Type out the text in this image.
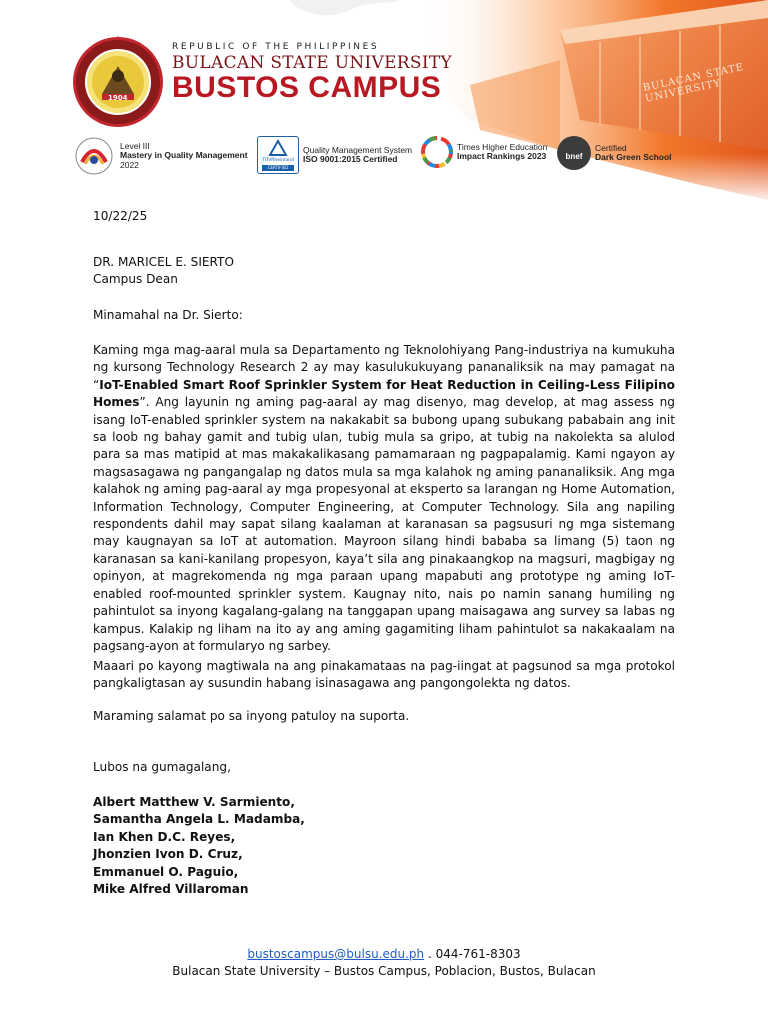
BULACAN STATE UNIVERSITY
1904
REPUBLIC OF THE PHILIPPINES
BULACAN STATE UNIVERSITY
BUSTOS CAMPUS
Level III
Mastery in Quality Management
2022	TÜVRheinland
CERTIFIED
Quality Management System
ISO 9001:2015 Certified
Times Higher Education
Impact Rankings 2023	bnef
Certified
Dark Green School
10/22/25
DR. MARICEL E. SIERTO
Campus Dean
Minamahal na Dr. Sierto:
Kaming mga mag-aaral mula sa Departamento ng Teknolohiyang Pang-industriya na kumukuha ng kursong Technology Research 2 ay may kasulukukuyang pananaliksik na may pamagat na “IoT-Enabled Smart Roof Sprinkler System for Heat Reduction in Ceiling-Less Filipino Homes”. Ang layunin ng aming pag-aaral ay mag disenyo, mag develop, at mag assess ng isang IoT-enabled sprinkler system na nakakabit sa bubong upang subukang pababain ang init sa loob ng bahay gamit and tubig ulan, tubig mula sa gripo, at tubig na nakolekta sa alulod para sa mas matipid at mas makakalikasang pamamaraan ng pagpapalamig. Kami ngayon ay magsasagawa ng pangangalap ng datos mula sa mga kalahok ng aming pananaliksik. Ang mga kalahok ng aming pag-aaral ay mga propesyonal at eksperto sa larangan ng Home Automation, Information Technology, Computer Engineering, at Computer Technology. Sila ang napiling respondents dahil may sapat silang kaalaman at karanasan sa pagsusuri ng mga sistemang may kaugnayan sa IoT at automation. Mayroon silang hindi bababa sa limang (5) taon ng karanasan sa kani-kanilang propesyon, kaya’t sila ang pinakaangkop na magsuri, magbigay ng opinyon, at magrekomenda ng mga paraan upang mapabuti ang prototype ng aming IoT-enabled roof-mounted sprinkler system. Kaugnay nito, nais po namin sanang humiling ng pahintulot sa inyong kagalang-galang na tanggapan upang maisagawa ang survey sa labas ng kampus. Kalakip ng liham na ito ay ang aming gagamiting liham pahintulot sa nakakaalam na pagsang-ayon at formularyo ng sarbey.
Maaari po kayong magtiwala na ang pinakamataas na pag-iingat at pagsunod sa mga protokol pangkaligtasan ay susundin habang isinasagawa ang pangongolekta ng datos.
Maraming salamat po sa inyong patuloy na suporta.
Lubos na gumagalang,
Albert Matthew V. Sarmiento,
Samantha Angela L. Madamba,
Ian Khen D.C. Reyes,
Jhonzien Ivon D. Cruz,
Emmanuel O. Paguio,
Mike Alfred Villaroman
bustoscampus@bulsu.edu.ph . 044-761-8303
Bulacan State University – Bustos Campus, Poblacion, Bustos, Bulacan
